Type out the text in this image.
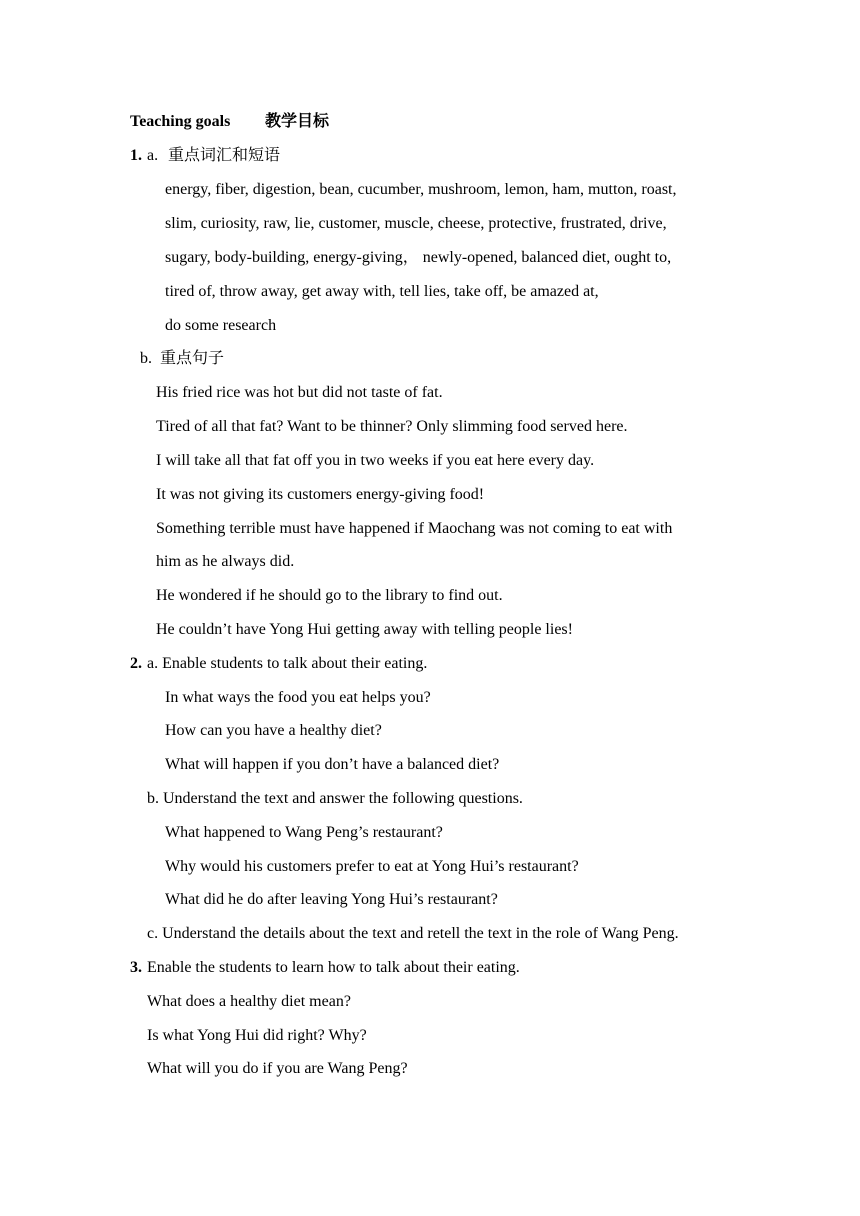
Teaching goals 教学目标
1. a. 重点词汇和短语
energy, fiber, digestion, bean, cucumber, mushroom, lemon, ham, mutton, roast,
slim, curiosity, raw, lie, customer, muscle, cheese, protective, frustrated, drive,
sugary, body-building, energy-giving， newly-opened, balanced diet, ought to,
tired of, throw away, get away with, tell lies, take off, be amazed at,
do some research
b. 重点句子
His fried rice was hot but did not taste of fat.
Tired of all that fat? Want to be thinner? Only slimming food served here.
I will take all that fat off you in two weeks if you eat here every day.
It was not giving its customers energy-giving food!
Something terrible must have happened if Maochang was not coming to eat with
him as he always did.
He wondered if he should go to the library to find out.
He couldn’t have Yong Hui getting away with telling people lies!
2. a. Enable students to talk about their eating.
In what ways the food you eat helps you?
How can you have a healthy diet?
What will happen if you don’t have a balanced diet?
b. Understand the text and answer the following questions.
What happened to Wang Peng’s restaurant?
Why would his customers prefer to eat at Yong Hui’s restaurant?
What did he do after leaving Yong Hui’s restaurant?
c. Understand the details about the text and retell the text in the role of Wang Peng.
3. Enable the students to learn how to talk about their eating.
What does a healthy diet mean?
Is what Yong Hui did right? Why?
What will you do if you are Wang Peng?
